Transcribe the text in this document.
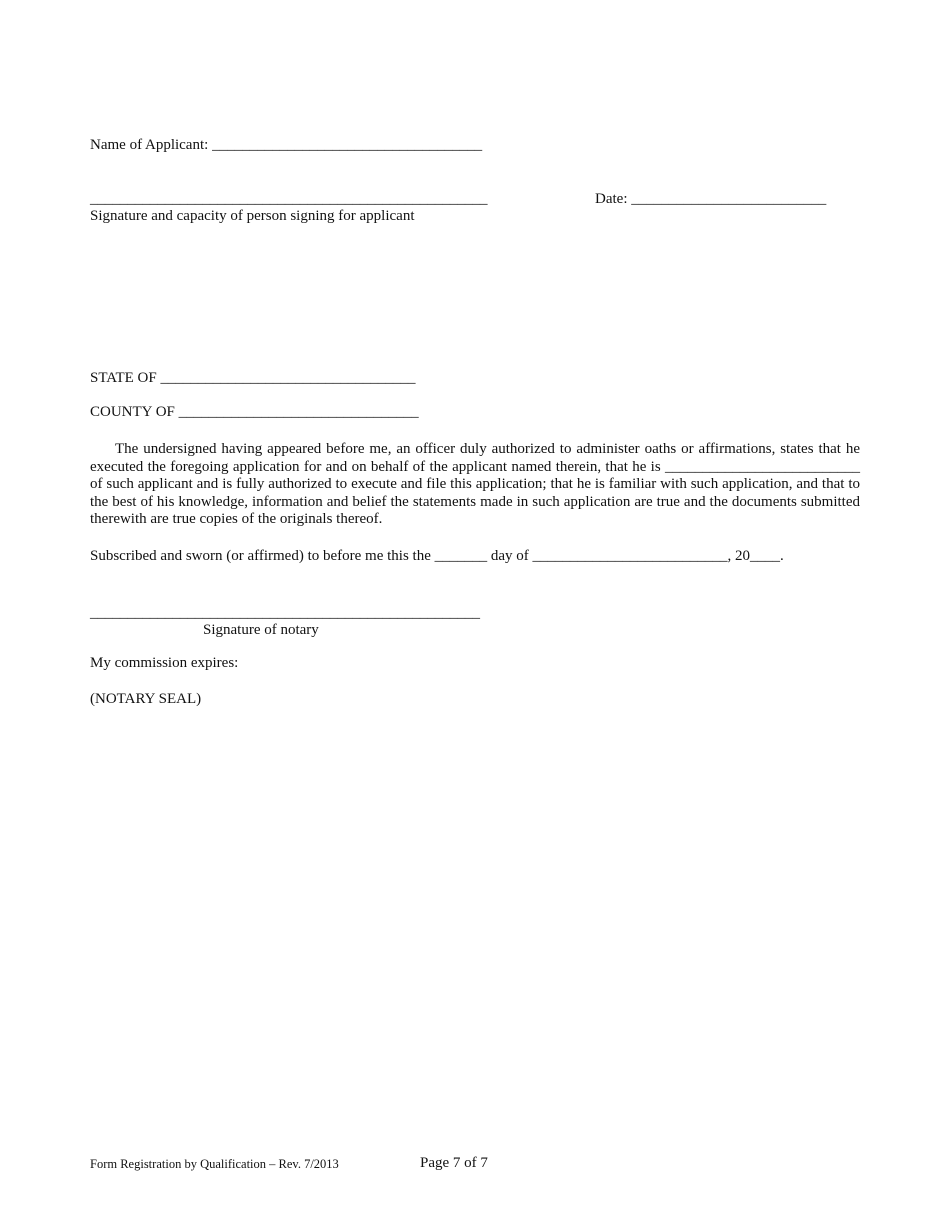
Name of Applicant: ____________________________________
_____________________________________________________	Date: __________________________
Signature and capacity of person signing for applicant
STATE OF __________________________________
COUNTY OF ________________________________
The undersigned having appeared before me, an officer duly authorized to administer oaths or affirmations, states that he executed the foregoing application for and on behalf of the applicant named therein, that he is __________________________ of such applicant and is fully authorized to execute and file this application; that he is familiar with such application, and that to the best of his knowledge, information and belief the statements made in such application are true and the documents submitted therewith are true copies of the originals thereof.
Subscribed and sworn (or affirmed) to before me this the _______ day of __________________________, 20____.
____________________________________________________
Signature of notary
My commission expires:
(NOTARY SEAL)
Form Registration by Qualification – Rev. 7/2013	Page 7 of 7
